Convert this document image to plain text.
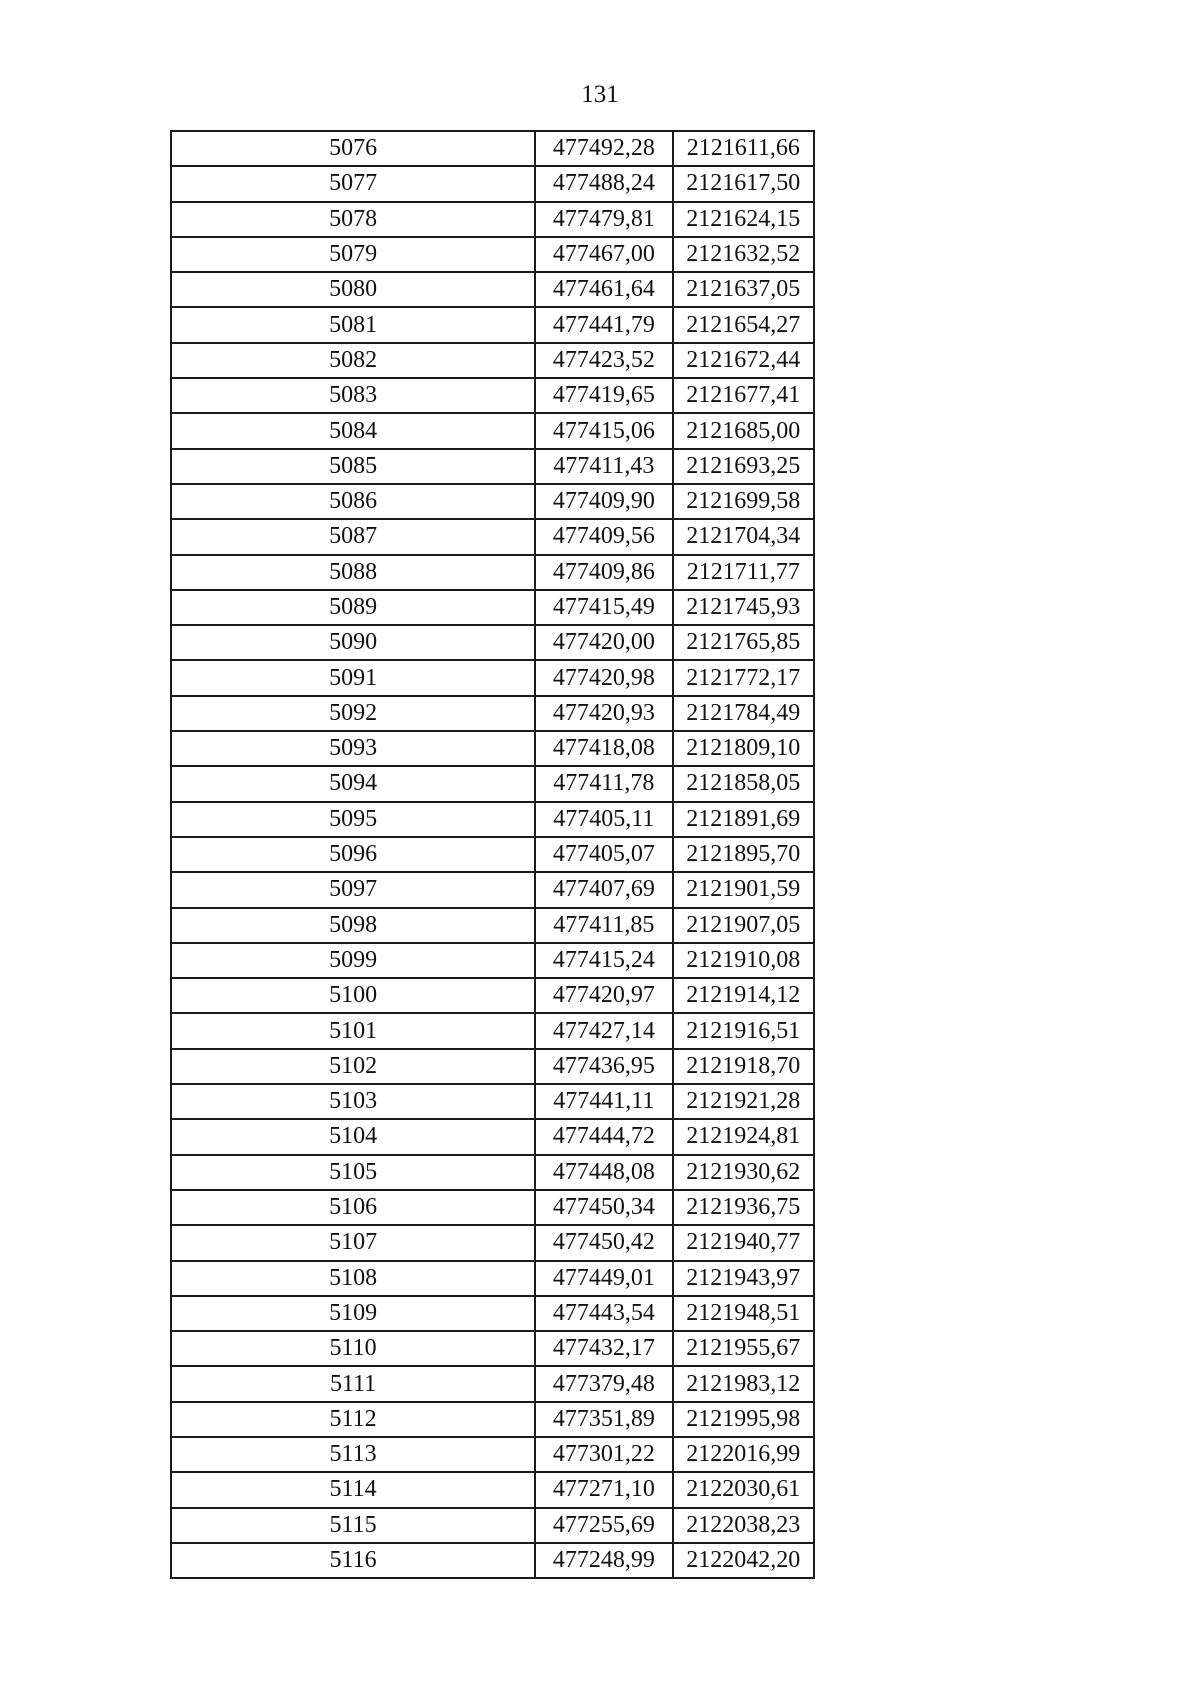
131
5076	477492,28	2121611,66
5077	477488,24	2121617,50
5078	477479,81	2121624,15
5079	477467,00	2121632,52
5080	477461,64	2121637,05
5081	477441,79	2121654,27
5082	477423,52	2121672,44
5083	477419,65	2121677,41
5084	477415,06	2121685,00
5085	477411,43	2121693,25
5086	477409,90	2121699,58
5087	477409,56	2121704,34
5088	477409,86	2121711,77
5089	477415,49	2121745,93
5090	477420,00	2121765,85
5091	477420,98	2121772,17
5092	477420,93	2121784,49
5093	477418,08	2121809,10
5094	477411,78	2121858,05
5095	477405,11	2121891,69
5096	477405,07	2121895,70
5097	477407,69	2121901,59
5098	477411,85	2121907,05
5099	477415,24	2121910,08
5100	477420,97	2121914,12
5101	477427,14	2121916,51
5102	477436,95	2121918,70
5103	477441,11	2121921,28
5104	477444,72	2121924,81
5105	477448,08	2121930,62
5106	477450,34	2121936,75
5107	477450,42	2121940,77
5108	477449,01	2121943,97
5109	477443,54	2121948,51
5110	477432,17	2121955,67
5111	477379,48	2121983,12
5112	477351,89	2121995,98
5113	477301,22	2122016,99
5114	477271,10	2122030,61
5115	477255,69	2122038,23
5116	477248,99	2122042,20
